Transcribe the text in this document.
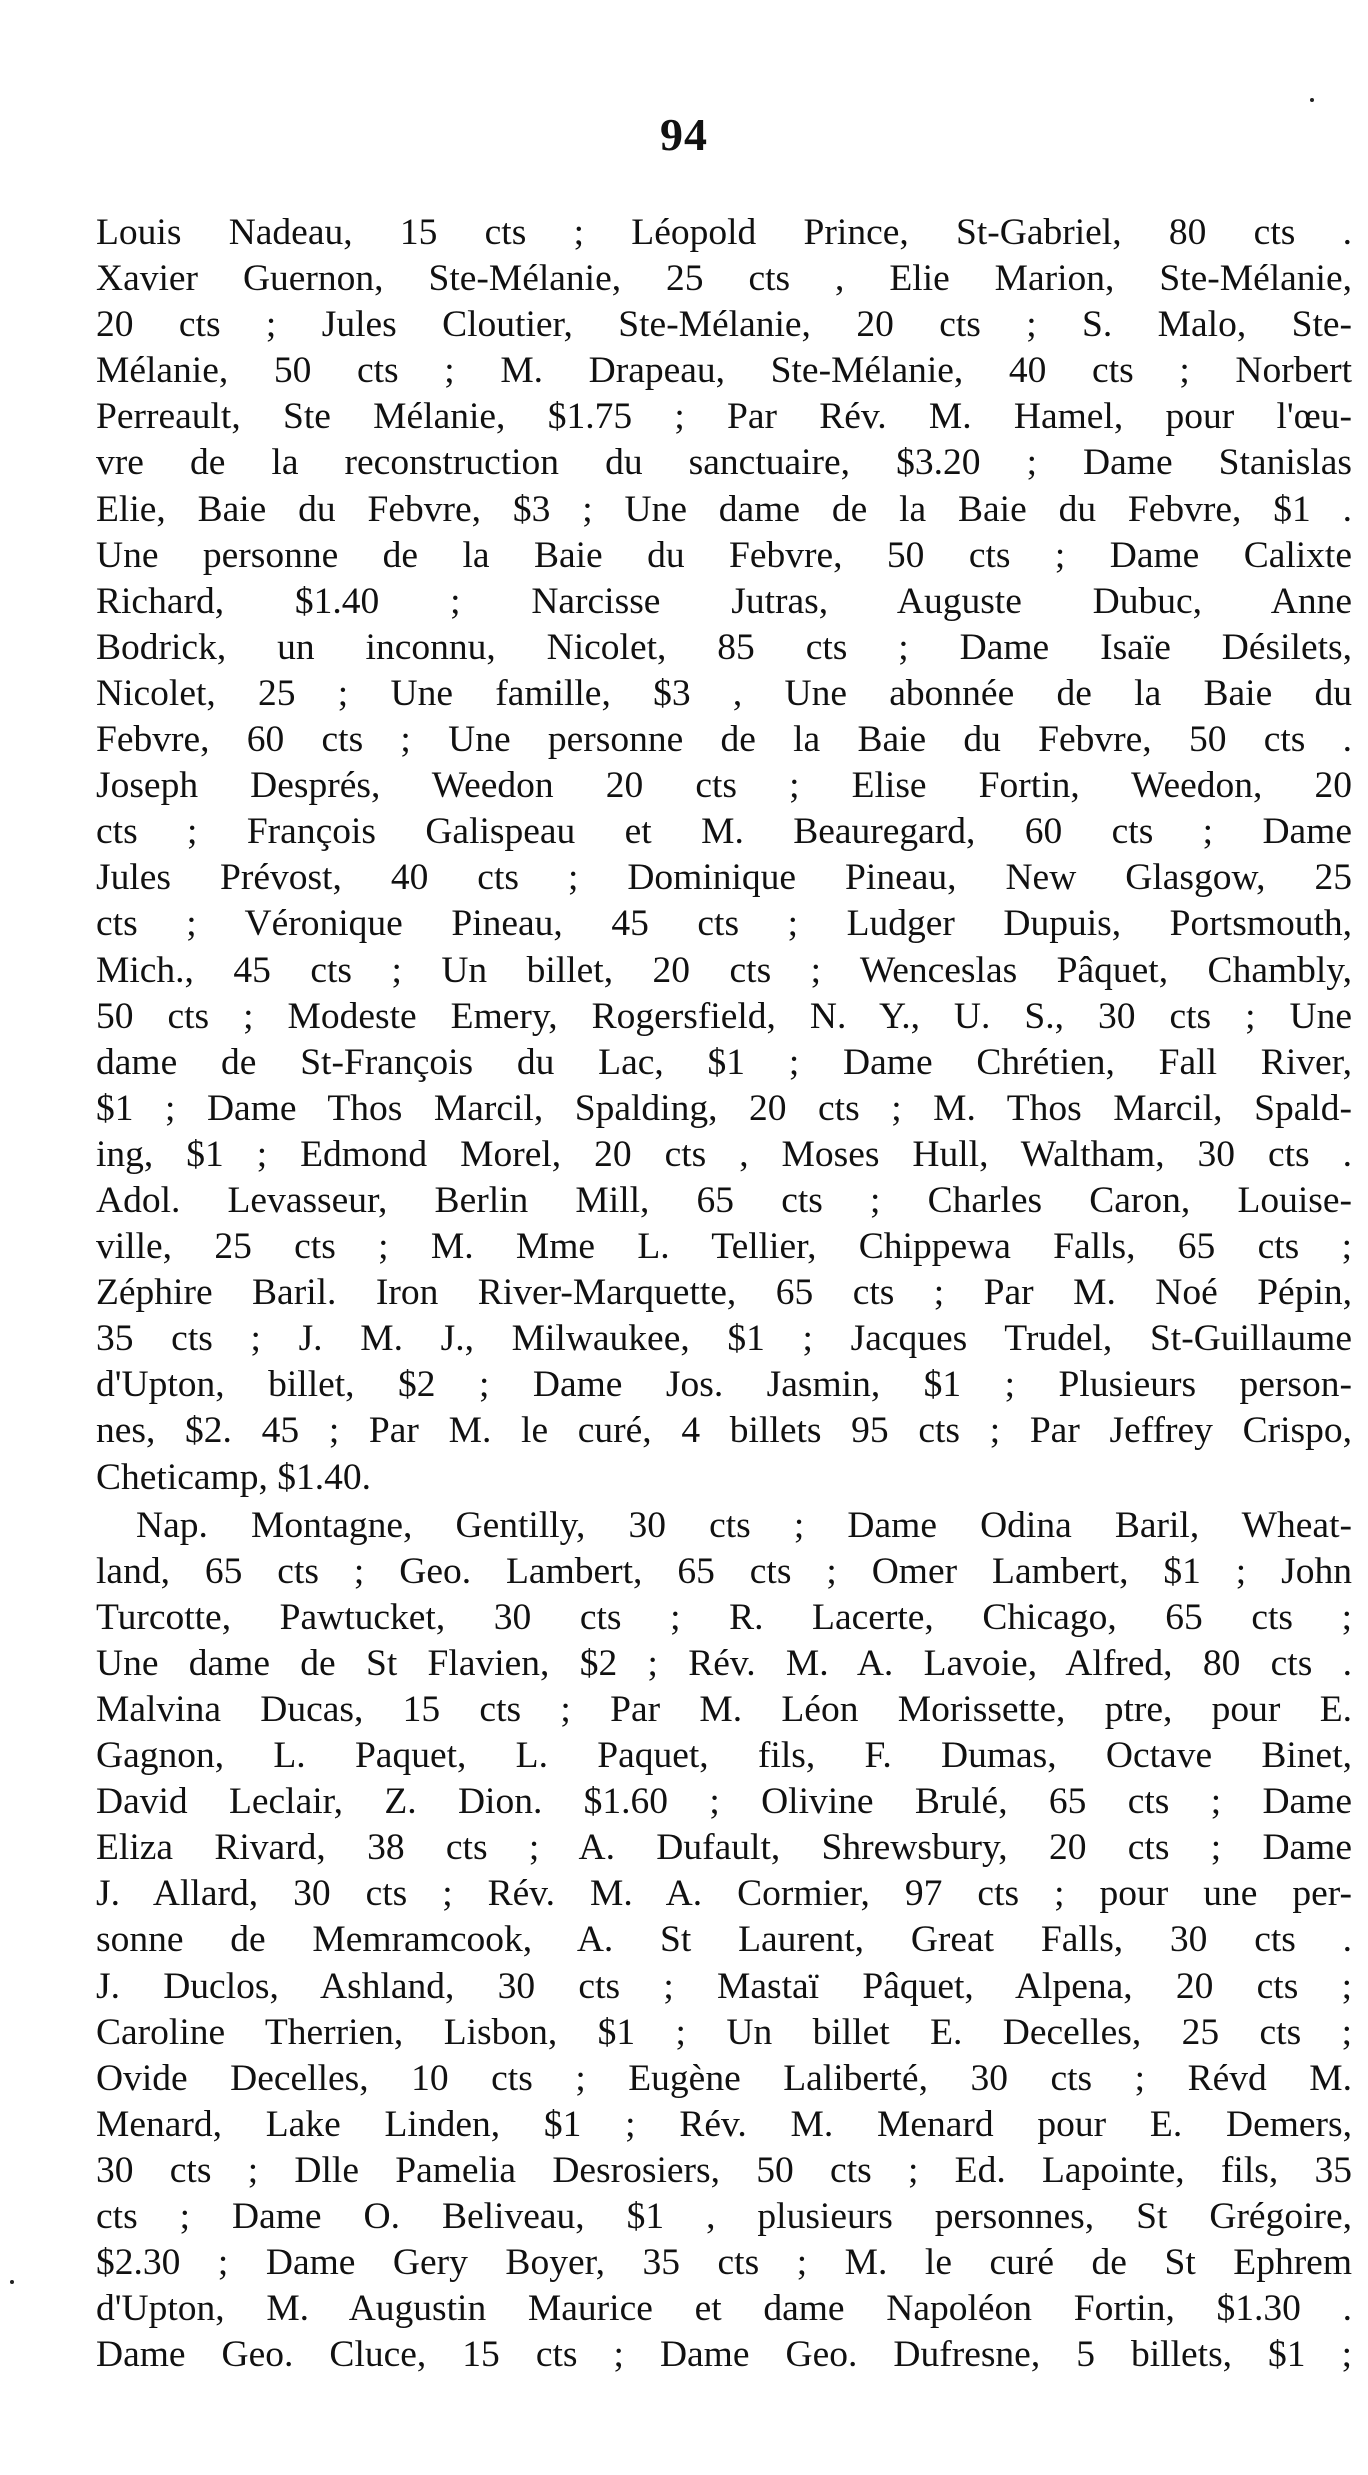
94

Louis Nadeau, 15 cts ; Léopold Prince, St-Gabriel, 80 cts .
Xavier Guernon, Ste-Mélanie, 25 cts , Elie Marion, Ste-Mélanie,
20 cts ; Jules Cloutier, Ste-Mélanie, 20 cts ; S. Malo, Ste-
Mélanie, 50 cts ; M. Drapeau, Ste-Mélanie, 40 cts ; Norbert
Perreault, Ste Mélanie, $1.75 ; Par Rév. M. Hamel, pour l'œu-
vre de la reconstruction du sanctuaire, $3.20 ; Dame Stanislas
Elie, Baie du Febvre, $3 ; Une dame de la Baie du Febvre, $1 .
Une personne de la Baie du Febvre, 50 cts ; Dame Calixte
Richard, $1.40 ; Narcisse Jutras, Auguste Dubuc, Anne
Bodrick, un inconnu, Nicolet, 85 cts ; Dame Isaïe Désilets,
Nicolet, 25 ; Une famille, $3 , Une abonnée de la Baie du
Febvre, 60 cts ; Une personne de la Baie du Febvre, 50 cts .
Joseph Després, Weedon 20 cts ; Elise Fortin, Weedon, 20
cts ; François Galispeau et M. Beauregard, 60 cts ; Dame
Jules Prévost, 40 cts ; Dominique Pineau, New Glasgow, 25
cts ; Véronique Pineau, 45 cts ; Ludger Dupuis, Portsmouth,
Mich., 45 cts ; Un billet, 20 cts ; Wenceslas Pâquet, Chambly,
50 cts ; Modeste Emery, Rogersfield, N. Y., U. S., 30 cts ; Une
dame de St-François du Lac, $1 ; Dame Chrétien, Fall River,
$1 ; Dame Thos Marcil, Spalding, 20 cts ; M. Thos Marcil, Spald-
ing, $1 ; Edmond Morel, 20 cts , Moses Hull, Waltham, 30 cts .
Adol. Levasseur, Berlin Mill, 65 cts ; Charles Caron, Louise-
ville, 25 cts ; M. Mme L. Tellier, Chippewa Falls, 65 cts ;
Zéphire Baril. Iron River-Marquette, 65 cts ; Par M. Noé Pépin,
35 cts ; J. M. J., Milwaukee, $1 ; Jacques Trudel, St-Guillaume
d'Upton, billet, $2 ; Dame Jos. Jasmin, $1 ; Plusieurs person-
nes, $2. 45 ; Par M. le curé, 4 billets 95 cts ; Par Jeffrey Crispo,
Cheticamp, $1.40.

Nap. Montagne, Gentilly, 30 cts ; Dame Odina Baril, Wheat-
land, 65 cts ; Geo. Lambert, 65 cts ; Omer Lambert, $1 ; John
Turcotte, Pawtucket, 30 cts ; R. Lacerte, Chicago, 65 cts ;
Une dame de St Flavien, $2 ; Rév. M. A. Lavoie, Alfred, 80 cts .
Malvina Ducas, 15 cts ; Par M. Léon Morissette, ptre, pour E.
Gagnon, L. Paquet, L. Paquet, fils, F. Dumas, Octave Binet,
David Leclair, Z. Dion. $1.60 ; Olivine Brulé, 65 cts ; Dame
Eliza Rivard, 38 cts ; A. Dufault, Shrewsbury, 20 cts ; Dame
J. Allard, 30 cts ; Rév. M. A. Cormier, 97 cts ; pour une per-
sonne de Memramcook, A. St Laurent, Great Falls, 30 cts .
J. Duclos, Ashland, 30 cts ; Mastaï Pâquet, Alpena, 20 cts ;
Caroline Therrien, Lisbon, $1 ; Un billet E. Decelles, 25 cts ;
Ovide Decelles, 10 cts ; Eugène Laliberté, 30 cts ; Révd M.
Menard, Lake Linden, $1 ; Rév. M. Menard pour E. Demers,
30 cts ; Dlle Pamelia Desrosiers, 50 cts ; Ed. Lapointe, fils, 35
cts ; Dame O. Beliveau, $1 , plusieurs personnes, St Grégoire,
$2.30 ; Dame Gery Boyer, 35 cts ; M. le curé de St Ephrem
d'Upton, M. Augustin Maurice et dame Napoléon Fortin, $1.30 .
Dame Geo. Cluce, 15 cts ; Dame Geo. Dufresne, 5 billets, $1 ;
